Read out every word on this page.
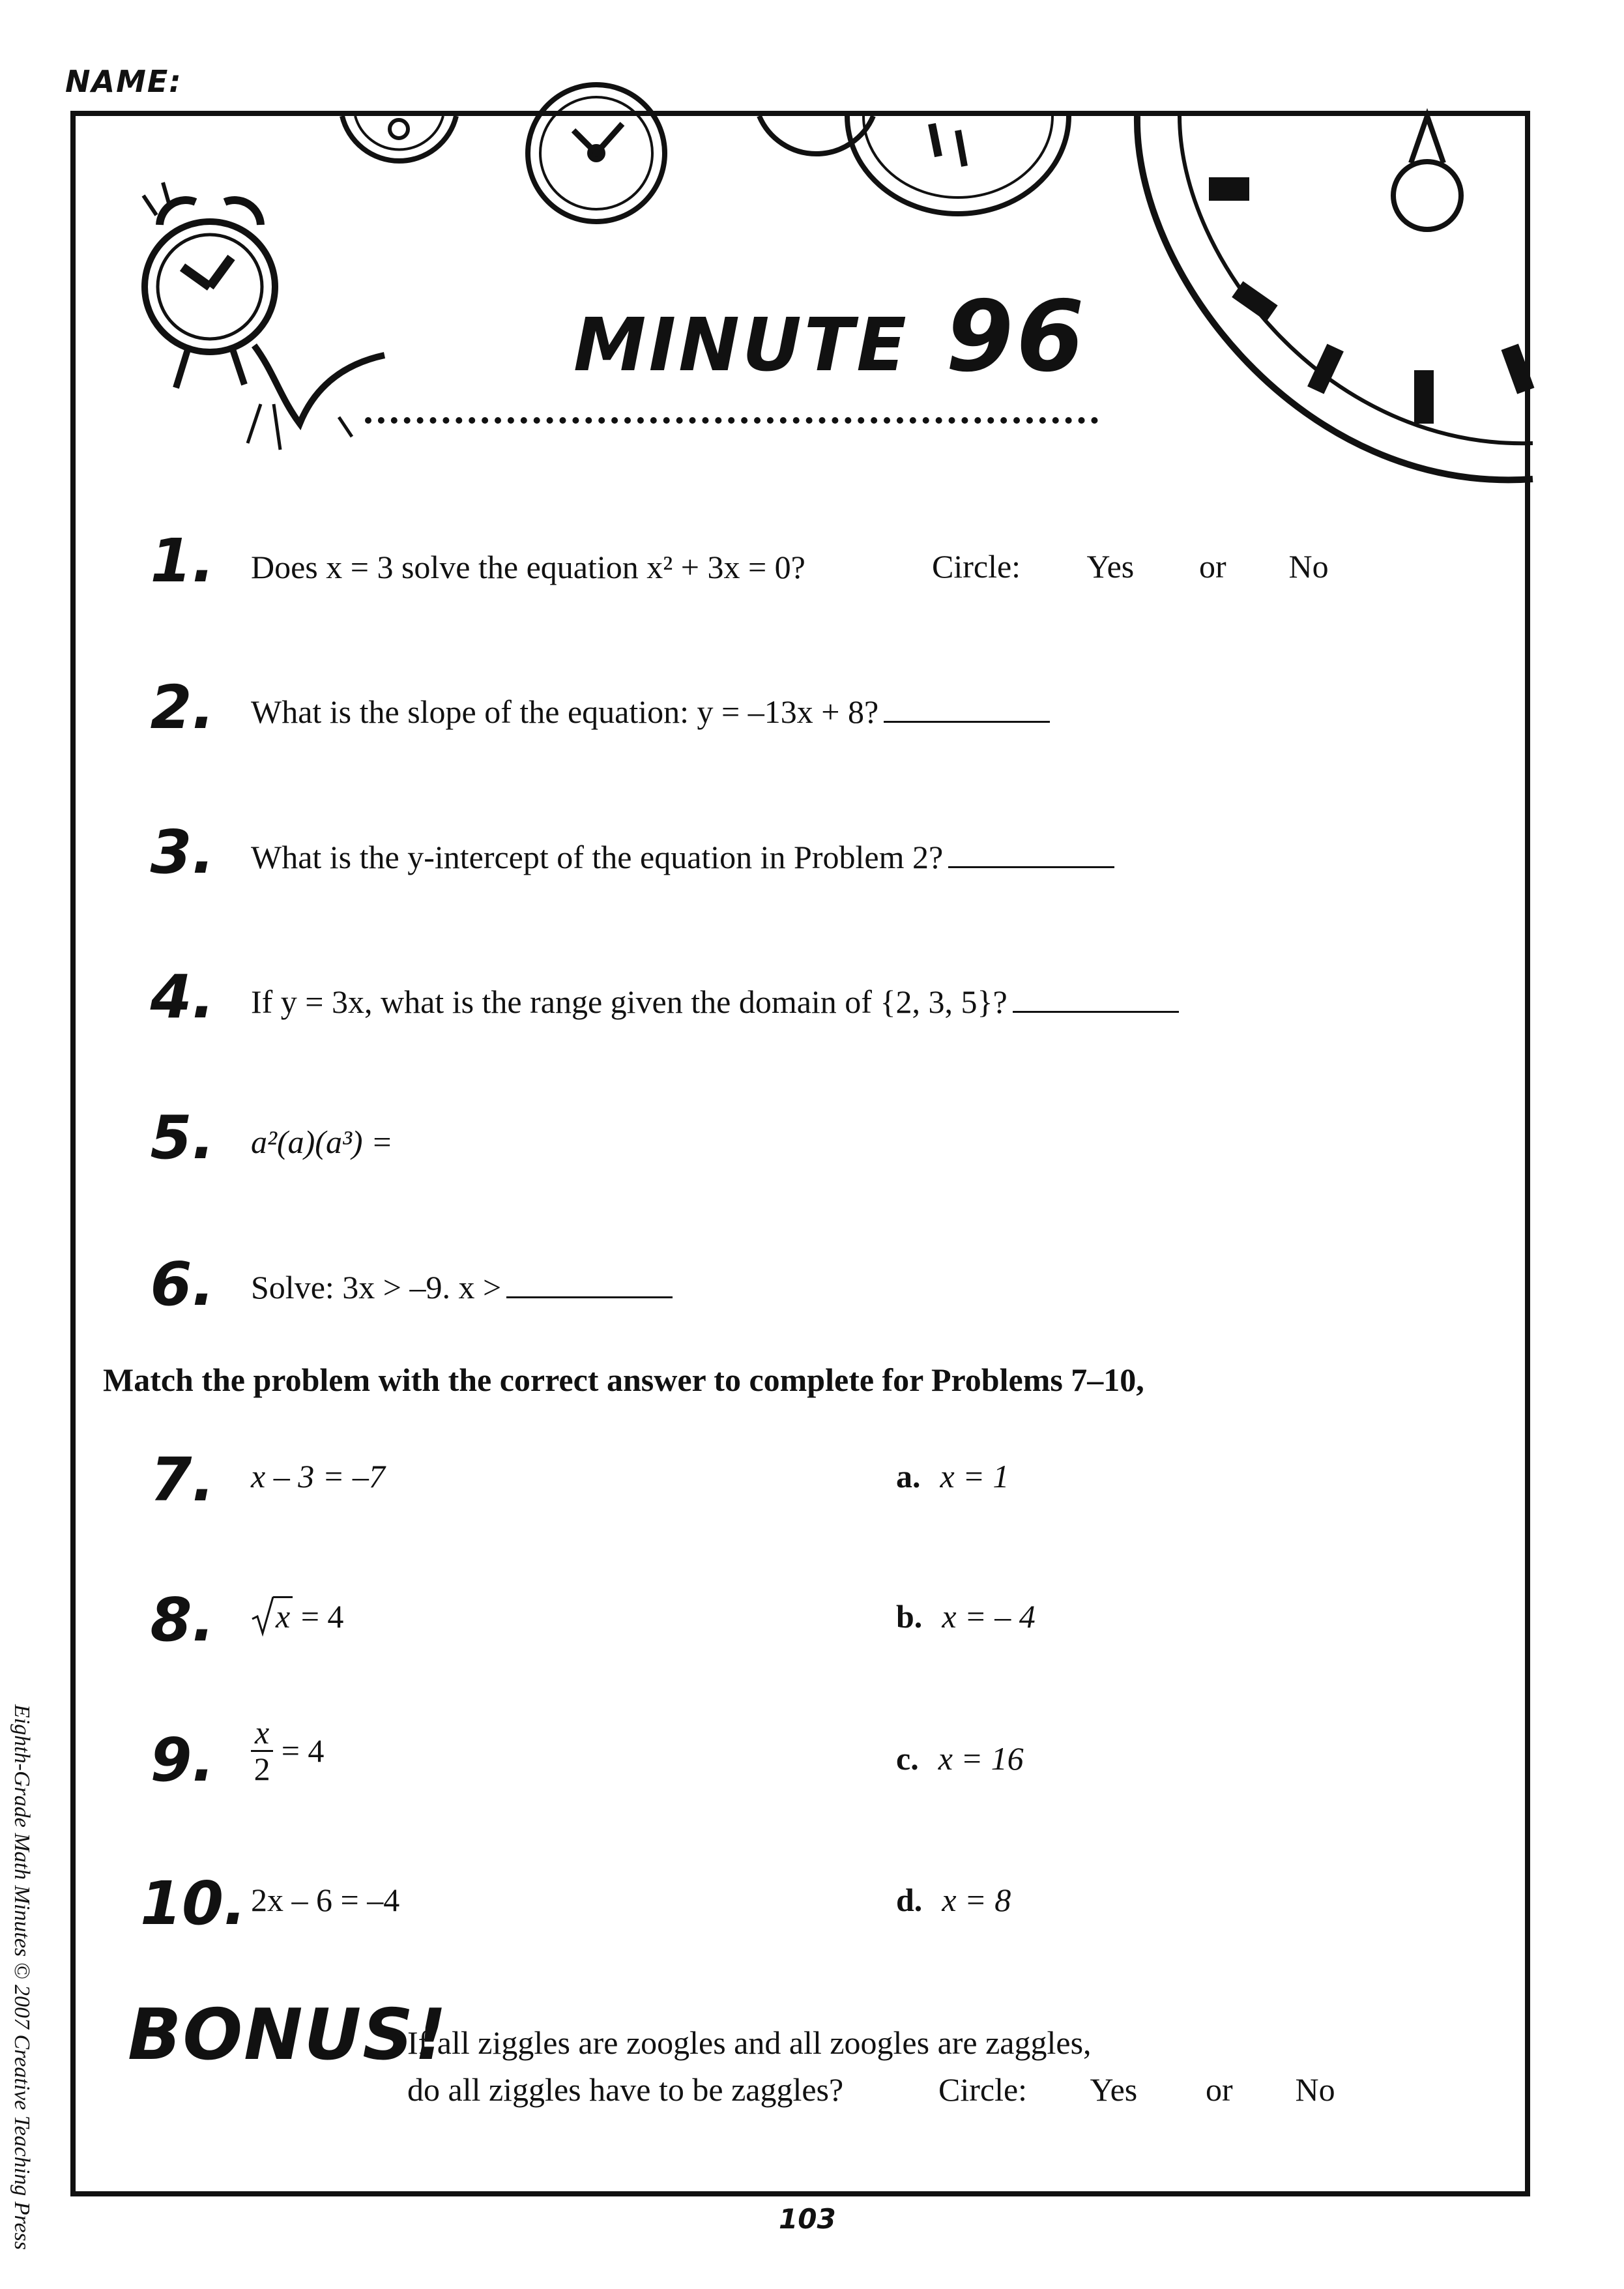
NAME:
MINUTE 96
1.	Does x = 3 solve the equation x² + 3x = 0?	Circle: Yes or No
2.	What is the slope of the equation: y = –13x + 8?
3.	What is the y-intercept of the equation in Problem 2?
4.	If y = 3x, what is the range given the domain of {2, 3, 5}?
5.	a²(a)(a³) =
6.	Solve: 3x > –9. x >
Match the problem with the correct answer to complete for Problems 7–10,
7.	x – 3 = –7	a. x = 1
8.	x = 4	b. x = – 4
9.	$\frac{x}{2} = 4$	c. x = 16
10. 2x – 6 = –4	d. x = 8
BONUS!
If all ziggles are zoogles and all zoogles are zaggles,
do all ziggles have to be zaggles?	Circle: Yes or No
Eighth-Grade Math Minutes © 2007 Creative Teaching Press	103
